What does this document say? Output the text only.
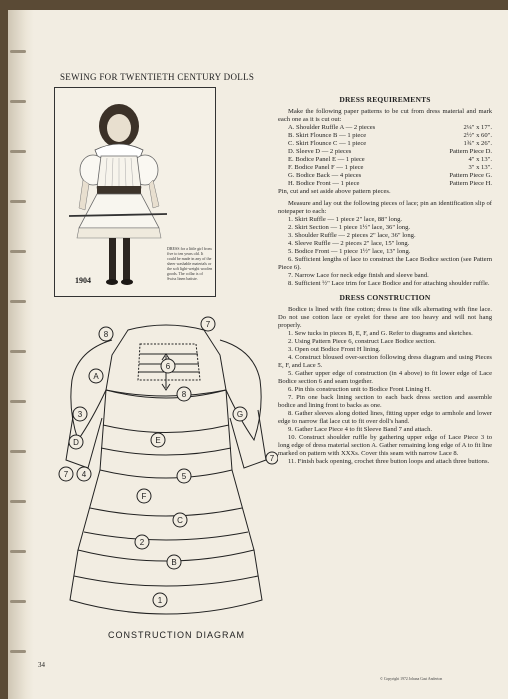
SEWING FOR TWENTIETH CENTURY DOLLS
DRESS for a little girl from five to ten years old. It could be made in any of the sheer washable materials or the soft light-weight woolen goods. The collar is of Swiss linen batiste.
1904
8
7
6
8
A
3
D
7 4
G
7
E
5
F
C
2
B
1
CONSTRUCTION DIAGRAM
DRESS REQUIREMENTS

Make the following paper patterns to be cut from dress material and mark each one as it is cut out:

A. Shoulder Ruffle A — 2 pieces	2¼" x 17".
B. Skirt Flounce B — 1 piece	2½" x 60".
C. Skirt Flounce C — 1 piece	1¾" x 26".
D. Sleeve D — 2 pieces	Pattern Piece D.
E. Bodice Panel E — 1 piece	4" x 13".
F. Bodice Panel F — 1 piece	3" x 13".
G. Bodice Back — 4 pieces	Pattern Piece G.
H. Bodice Front — 1 piece	Pattern Piece H.

Pin, cut and set aside above pattern pieces.

Measure and lay out the following pieces of lace; pin an identification slip of notepaper to each:

1. Skirt Ruffle — 1 piece 2" lace, 88" long.

2. Skirt Section — 1 piece 1½" lace, 36" long.

3. Shoulder Ruffle — 2 pieces 2" lace, 36" long.

4. Sleeve Ruffle — 2 pieces 2" lace, 15" long.

5. Bodice Front — 1 piece 1½" lace, 13" long.

6. Sufficient lengths of lace to construct the Lace Bodice section (see Pattern Piece 6).

7. Narrow Lace for neck edge finish and sleeve band.

8. Sufficient ½" Lace trim for Lace Bodice and for attaching shoulder ruffle.

DRESS CONSTRUCTION

Bodice is lined with fine cotton; dress is fine silk alternating with fine lace. Do not use cotton lace or eyelet for these are too heavy and will not hang properly.

1. Sew tucks in pieces B, E, F, and G. Refer to diagrams and sketches.

2. Using Pattern Piece 6, construct Lace Bodice section.

3. Open out Bodice Front H lining.

4. Construct bloused over-section following dress diagram and using Pieces E, F, and Lace 5.

5. Gather upper edge of construction (in 4 above) to fit lower edge of Lace Bodice section 6 and seam together.

6. Pin this construction unit to Bodice Front Lining H.

7. Pin one back lining section to each back dress section and assemble bodice and lining front to backs as one.

8. Gather sleeves along dotted lines, fitting upper edge to armhole and lower edge to narrow flat lace cut to fit over doll's hand.

9. Gather Lace Piece 4 to fit Sleeve Band 7 and attach.

10. Construct shoulder ruffle by gathering upper edge of Lace Piece 3 to long edge of dress material section A. Gather remaining long edge of A to fit line marked on pattern with XXXs. Cover this seam with narrow Lace 8.

11. Finish back opening, crochet three button loops and attach three buttons.

34
© Copyright 1972 Johana Gast Anderton
